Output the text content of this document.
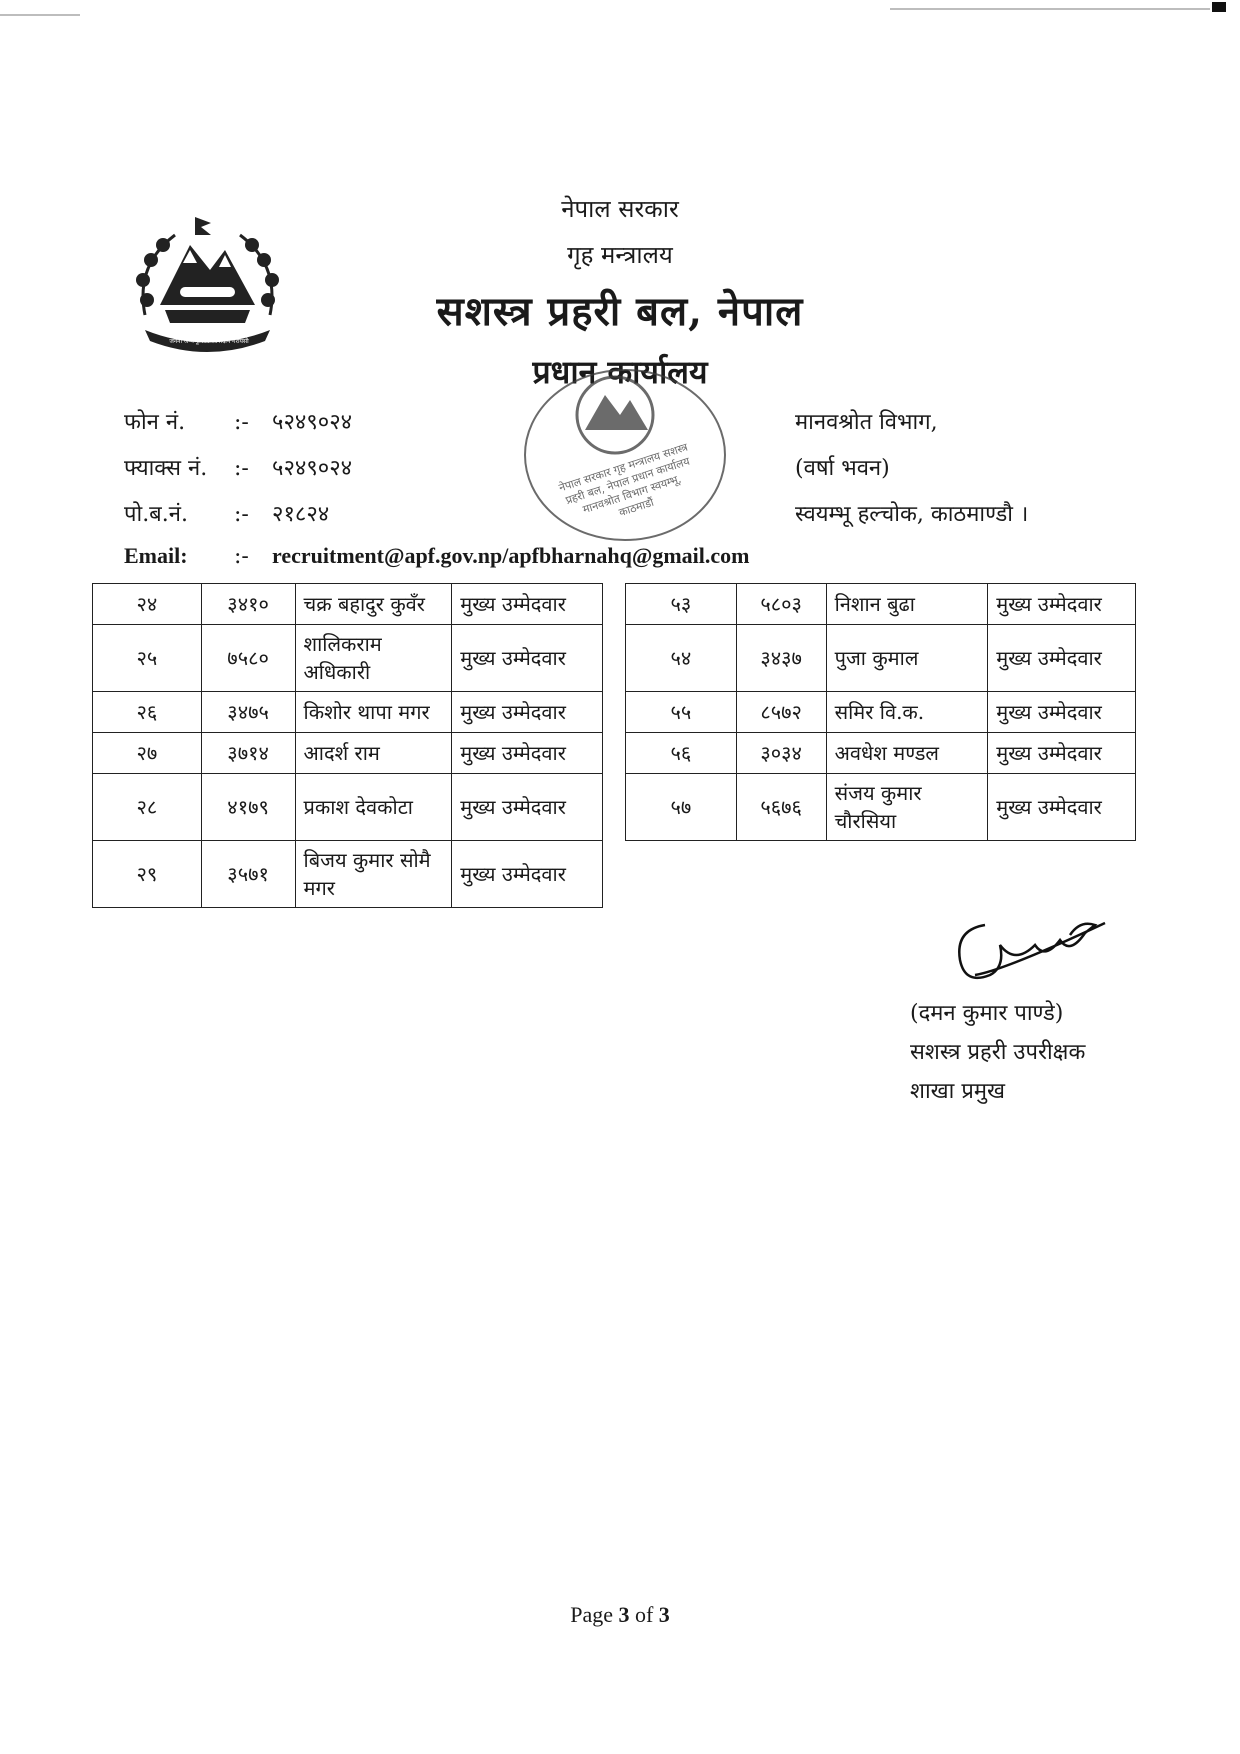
जननी जन्मभूमिश्च स्वर्गादपि गरीयसी
नेपाल सरकार
गृह मन्त्रालय
सशस्त्र प्रहरी बल, नेपाल
प्रधान कार्यालय
नेपाल सरकार गृह मन्त्रालय सशस्त्र प्रहरी बल, नेपाल प्रधान कार्यालय मानवश्रोत विभाग स्वयम्भू, काठमाडौं
फोन नं. :- ५२४९०२४
फ्याक्स नं. :- ५२४९०२४
पो.ब.नं. :- २१८२४
Email: :- recruitment@apf.gov.np/apfbharnahq@gmail.com
मानवश्रोत विभाग,
(वर्षा भवन)
स्वयम्भू हल्चोक, काठमाण्डौ ।
२४	३४१०	चक्र बहादुर कुवँर	मुख्य उम्मेदवार
२५	७५८०	शालिकराम अधिकारी	मुख्य उम्मेदवार
२६	३४७५	किशोर थापा मगर	मुख्य उम्मेदवार
२७	३७१४	आदर्श राम	मुख्य उम्मेदवार
२८	४१७९	प्रकाश देवकोटा	मुख्य उम्मेदवार
२९	३५७१	बिजय कुमार सोमै मगर	मुख्य उम्मेदवार
५३	५८०३	निशान बुढा	मुख्य उम्मेदवार
५४	३४३७	पुजा कुमाल	मुख्य उम्मेदवार
५५	८५७२	समिर वि.क.	मुख्य उम्मेदवार
५६	३०३४	अवधेश मण्डल	मुख्य उम्मेदवार
५७	५६७६	संजय कुमार चौरसिया	मुख्य उम्मेदवार
(दमन कुमार पाण्डे)
सशस्त्र प्रहरी उपरीक्षक
शाखा प्रमुख
Page 3 of 3
